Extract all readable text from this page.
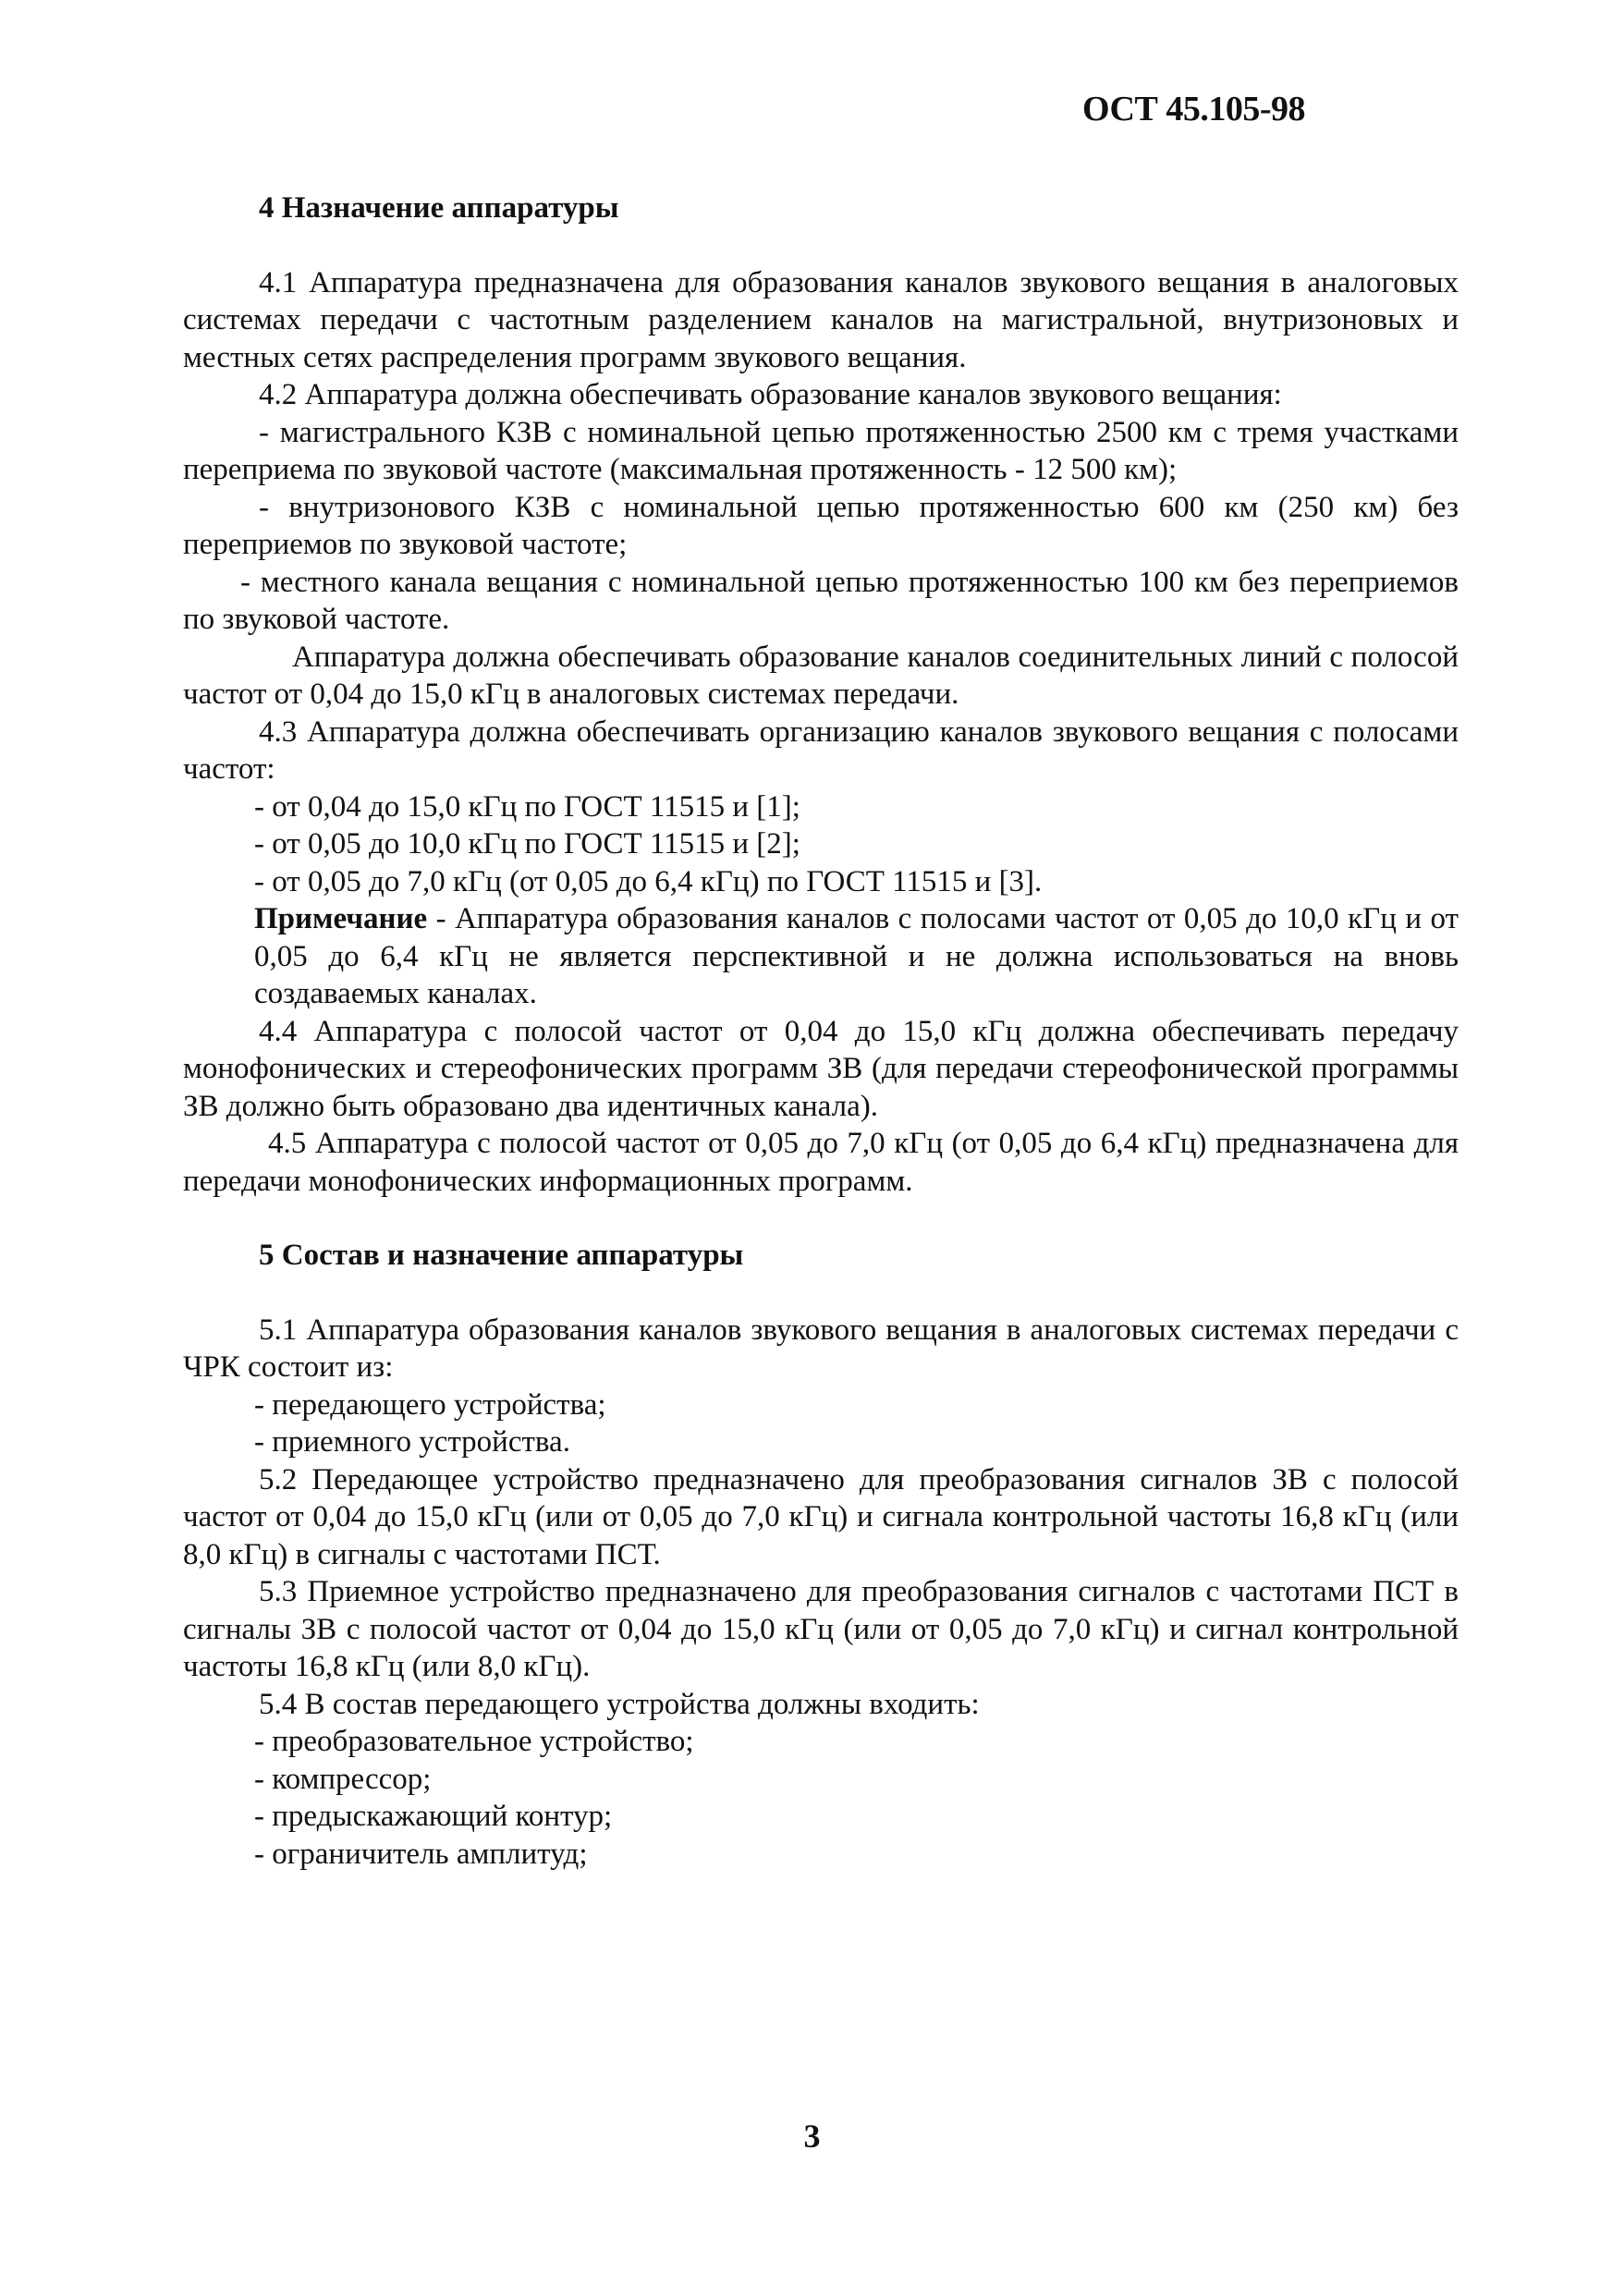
ОСТ 45.105-98
4 Назначение аппаратуры

4.1 Аппаратура предназначена для образования каналов звукового вещания в аналоговых системах передачи с частотным разделением каналов на магистральной, внутризоновых и местных сетях распределения программ звукового вещания.

4.2 Аппаратура должна обеспечивать образование каналов звукового вещания:

- магистрального КЗВ с номинальной цепью протяженностью 2500 км с тремя участками переприема по звуковой частоте (максимальная протяженность - 12 500 км);

- внутризонового КЗВ с номинальной цепью протяженностью 600 км (250 км) без переприемов по звуковой частоте;

- местного канала вещания с номинальной цепью протяженностью 100 км без переприемов по звуковой частоте.

Аппаратура должна обеспечивать образование каналов соединительных линий с полосой частот от 0,04 до 15,0 кГц в аналоговых системах передачи.

4.3 Аппаратура должна обеспечивать организацию каналов звукового вещания с полосами частот:

- от 0,04 до 15,0 кГц по ГОСТ 11515 и [1];

- от 0,05 до 10,0 кГц по ГОСТ 11515 и [2];

- от 0,05 до 7,0 кГц (от 0,05 до 6,4 кГц) по ГОСТ 11515 и [3].

Примечание - Аппаратура образования каналов с полосами частот от 0,05 до 10,0 кГц и от 0,05 до 6,4 кГц не является перспективной и не должна использоваться на вновь создаваемых каналах.

4.4 Аппаратура с полосой частот от 0,04 до 15,0 кГц должна обеспечивать передачу монофонических и стереофонических программ ЗВ (для передачи стереофонической программы ЗВ должно быть образовано два идентичных канала).

4.5 Аппаратура с полосой частот от 0,05 до 7,0 кГц (от 0,05 до 6,4 кГц) предназначена для передачи монофонических информационных программ.

5 Состав и назначение аппаратуры

5.1 Аппаратура образования каналов звукового вещания в аналоговых системах передачи с ЧРК состоит из:

- передающего устройства;

- приемного устройства.

5.2 Передающее устройство предназначено для преобразования сигналов ЗВ с полосой частот от 0,04 до 15,0 кГц (или от 0,05 до 7,0 кГц) и сигнала контрольной частоты 16,8 кГц (или 8,0 кГц) в сигналы с частотами ПСТ.

5.3 Приемное устройство предназначено для преобразования сигналов с частотами ПСТ в сигналы ЗВ с полосой частот от 0,04 до 15,0 кГц (или от 0,05 до 7,0 кГц) и сигнал контрольной частоты 16,8 кГц (или 8,0 кГц).

5.4 В состав передающего устройства должны входить:

- преобразовательное устройство;

- компрессор;

- предыскажающий контур;

- ограничитель амплитуд;

3
